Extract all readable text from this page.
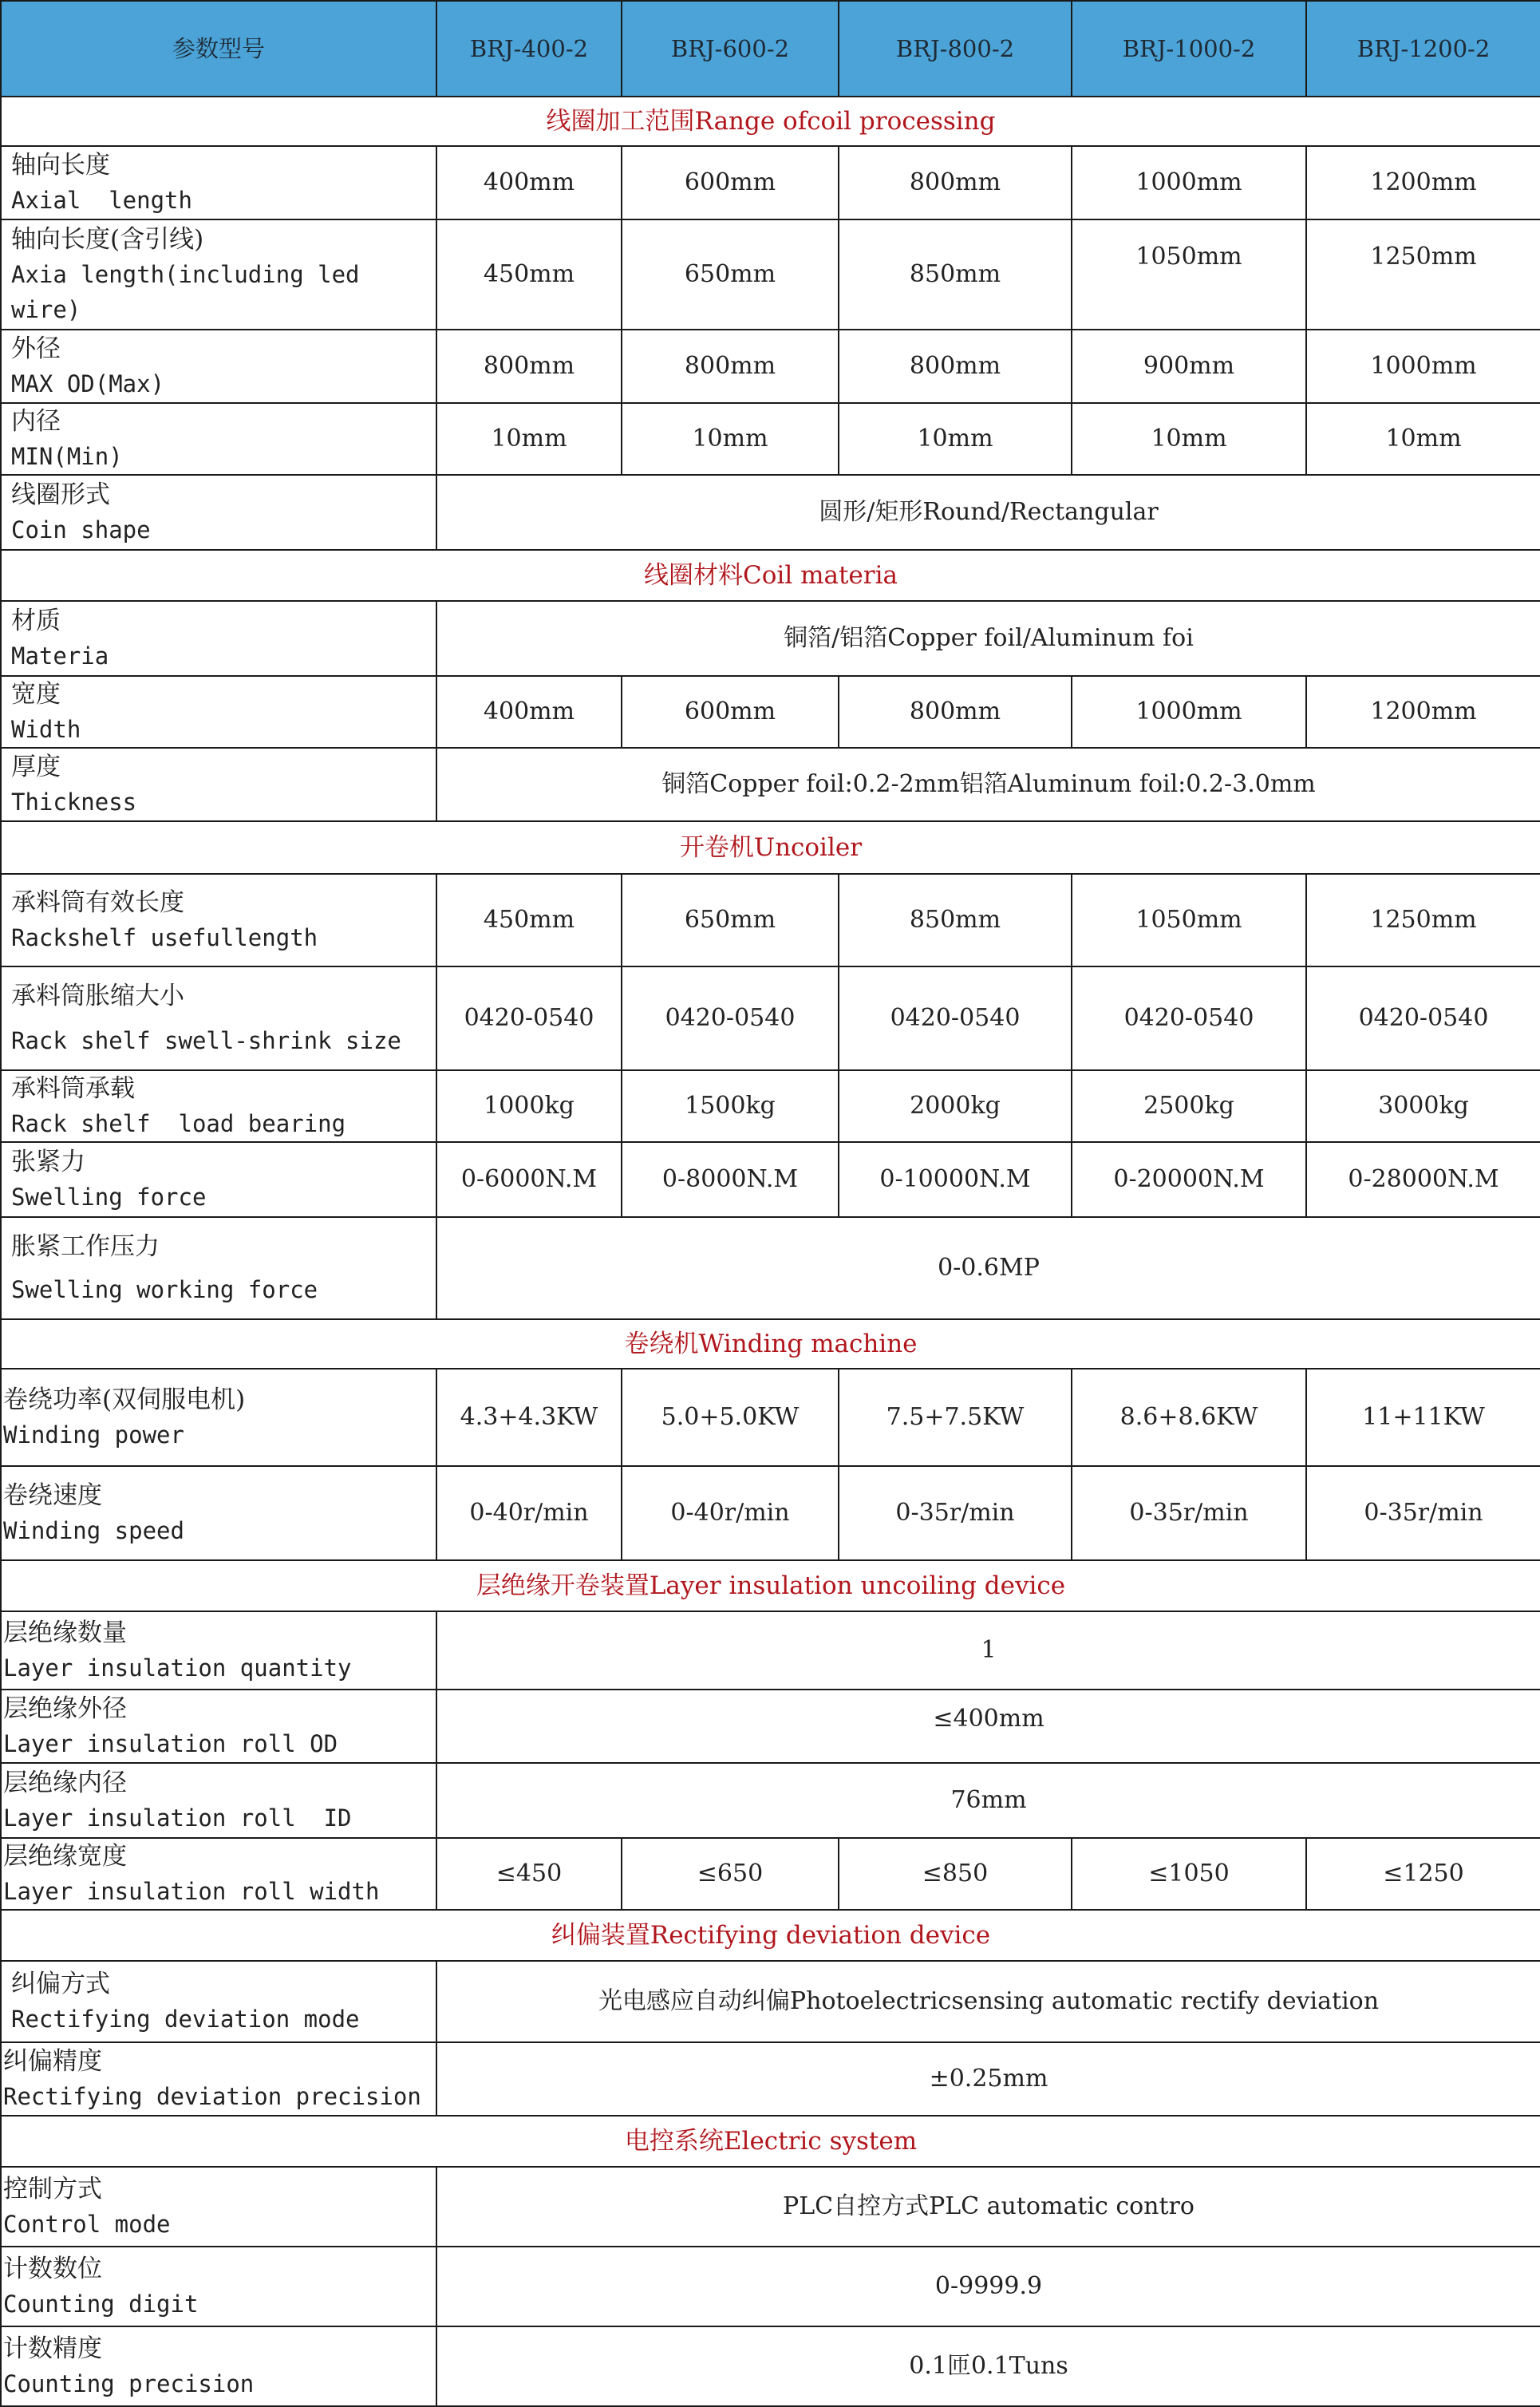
参数型号	BRJ-400-2	BRJ-600-2	BRJ-800-2	BRJ-1000-2	BRJ-1200-2
线圈加工范围Range ofcoil processing					

轴向长度
Axial  length	400mm	600mm	800mm	1000mm	1200mm

轴向长度(含引线)
Axia length(including led
wire)	450mm	650mm	850mm	1050mm	1250mm

外径
MAX OD(Max)	800mm	800mm	800mm	900mm	1000mm

内径
MIN(Min)	10mm	10mm	10mm	10mm	10mm

线圈形式
Coin shape	圆形/矩形Round/Rectangular				
线圈材料Coil materia					

材质
Materia	铜箔/铝箔Copper foil/Aluminum foi				

宽度
Width	400mm	600mm	800mm	1000mm	1200mm

厚度
Thickness	铜箔Copper foil:0.2-2mm铝箔Aluminum foil:0.2-3.0mm				
开卷机Uncoiler					

承料筒有效长度
Rackshelf usefullength	450mm	650mm	850mm	1050mm	1250mm

承料筒胀缩大小
Rack shelf swell-shrink size	0420-0540	0420-0540	0420-0540	0420-0540	0420-0540

承料筒承载
Rack shelf  load bearing	1000kg	1500kg	2000kg	2500kg	3000kg

张紧力
Swelling force	0-6000N.M	0-8000N.M	0-10000N.M	0-20000N.M	0-28000N.M

胀紧工作压力
Swelling working force	0-0.6MP				
卷绕机Winding machine					

卷绕功率(双伺服电机)
Winding power	4.3+4.3KW	5.0+5.0KW	7.5+7.5KW	8.6+8.6KW	11+11KW

卷绕速度
Winding speed	0-40r/min	0-40r/min	0-35r/min	0-35r/min	0-35r/min
层绝缘开卷装置Layer insulation uncoiling device					

层绝缘数量
Layer insulation quantity	1				

层绝缘外径
Layer insulation roll OD	≤400mm				

层绝缘内径
Layer insulation roll  ID	76mm				

层绝缘宽度
Layer insulation roll width	≤450	≤650	≤850	≤1050	≤1250
纠偏装置Rectifying deviation device					

纠偏方式
Rectifying deviation mode	光电感应自动纠偏Photoelectricsensing automatic rectify deviation				

纠偏精度
Rectifying deviation precision	±0.25mm				
电控系统Electric system					

控制方式
Control mode	PLC自控方式PLC automatic contro				

计数数位
Counting digit	0-9999.9				

计数精度
Counting precision	0.1匝0.1Tuns				
